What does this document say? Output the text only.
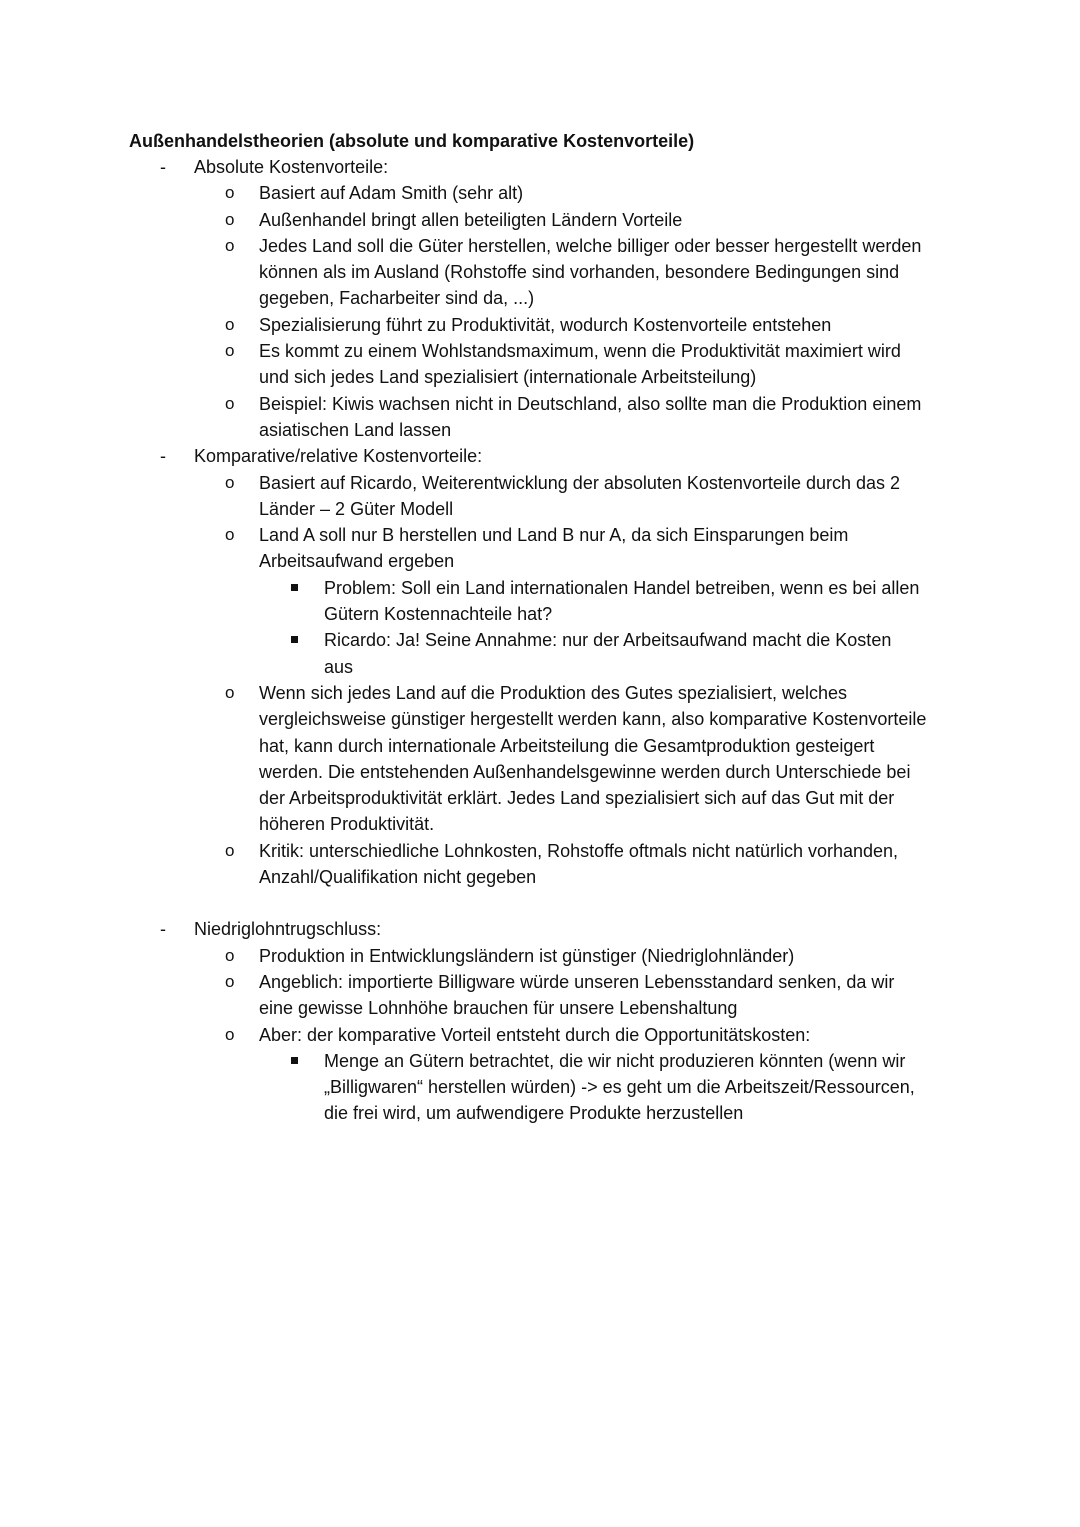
Außenhandelstheorien (absolute und komparative Kostenvorteile)
- Absolute Kostenvorteile:
o Basiert auf Adam Smith (sehr alt)
o Außenhandel bringt allen beteiligten Ländern Vorteile
o Jedes Land soll die Güter herstellen, welche billiger oder besser hergestellt werden können als im Ausland (Rohstoffe sind vorhanden, besondere Bedingungen sind gegeben, Facharbeiter sind da, ...)
o Spezialisierung führt zu Produktivität, wodurch Kostenvorteile entstehen
o Es kommt zu einem Wohlstandsmaximum, wenn die Produktivität maximiert wird und sich jedes Land spezialisiert (internationale Arbeitsteilung)
o Beispiel: Kiwis wachsen nicht in Deutschland, also sollte man die Produktion einem asiatischen Land lassen
- Komparative/relative Kostenvorteile:
o Basiert auf Ricardo, Weiterentwicklung der absoluten Kostenvorteile durch das 2 Länder – 2 Güter Modell
o Land A soll nur B herstellen und Land B nur A, da sich Einsparungen beim Arbeitsaufwand ergeben
Problem: Soll ein Land internationalen Handel betreiben, wenn es bei allen Gütern Kostennachteile hat?
Ricardo: Ja! Seine Annahme: nur der Arbeitsaufwand macht die Kosten aus
o Wenn sich jedes Land auf die Produktion des Gutes spezialisiert, welches vergleichsweise günstiger hergestellt werden kann, also komparative Kostenvorteile hat, kann durch internationale Arbeitsteilung die Gesamtproduktion gesteigert werden. Die entstehenden Außenhandelsgewinne werden durch Unterschiede bei der Arbeitsproduktivität erklärt. Jedes Land spezialisiert sich auf das Gut mit der höheren Produktivität.
o Kritik: unterschiedliche Lohnkosten, Rohstoffe oftmals nicht natürlich vorhanden, Anzahl/Qualifikation nicht gegeben
- Niedriglohntrugschluss:
o Produktion in Entwicklungsländern ist günstiger (Niedriglohnländer)
o Angeblich: importierte Billigware würde unseren Lebensstandard senken, da wir eine gewisse Lohnhöhe brauchen für unsere Lebenshaltung
o Aber: der komparative Vorteil entsteht durch die Opportunitätskosten:
Menge an Gütern betrachtet, die wir nicht produzieren könnten (wenn wir „Billigwaren“ herstellen würden) -> es geht um die Arbeitszeit/Ressourcen, die frei wird, um aufwendigere Produkte herzustellen
